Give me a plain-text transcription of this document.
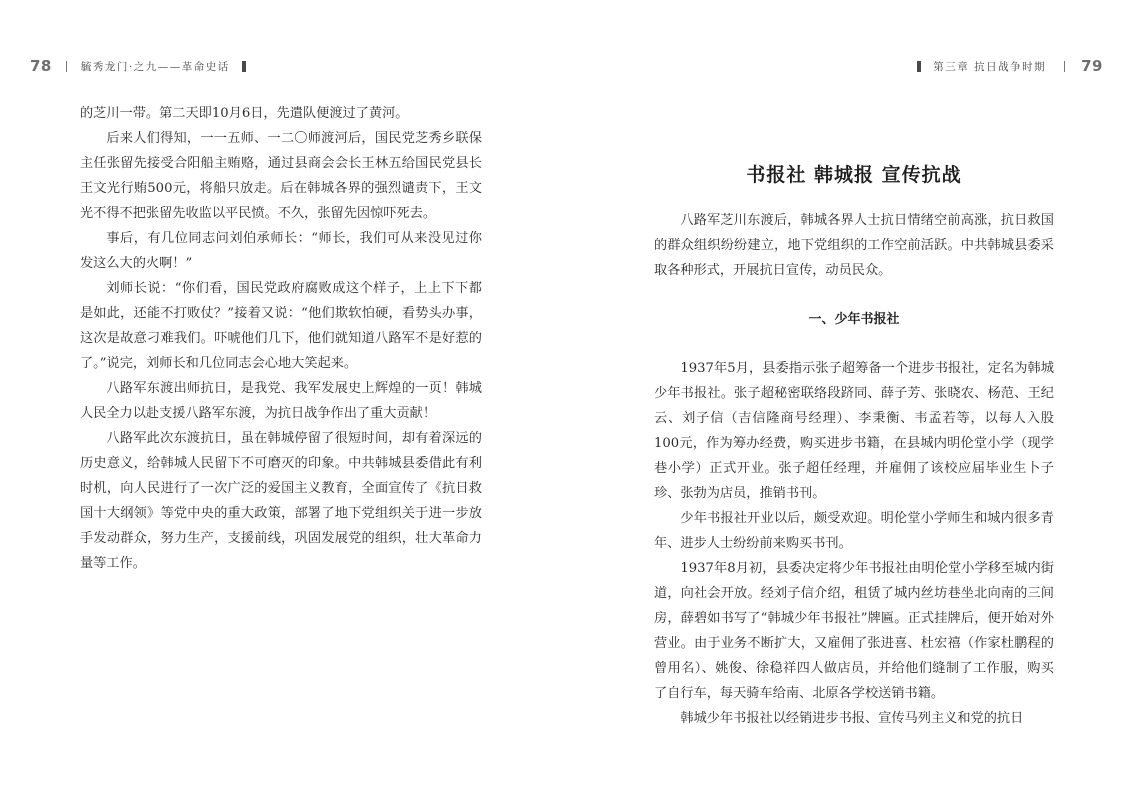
78	毓秀龙门·之九——革命史话

的芝川一带。第二天即10月6日，先遣队便渡过了黄河。

后来人们得知，一一五师、一二〇师渡河后，国民党芝秀乡联保主任张留先接受合阳船主贿赂，通过县商会会长王林五给国民党县长王文光行贿500元，将船只放走。后在韩城各界的强烈谴责下，王文光不得不把张留先收监以平民愤。不久，张留先因惊吓死去。

事后，有几位同志问刘伯承师长：“师长，我们可从来没见过你发这么大的火啊！”

刘师长说：“你们看，国民党政府腐败成这个样子，上上下下都是如此，还能不打败仗？”接着又说：“他们欺软怕硬，看势头办事，这次是故意刁难我们。吓唬他们几下，他们就知道八路军不是好惹的了。”说完，刘师长和几位同志会心地大笑起来。

八路军东渡出师抗日，是我党、我军发展史上辉煌的一页！韩城人民全力以赴支援八路军东渡，为抗日战争作出了重大贡献！

八路军此次东渡抗日，虽在韩城停留了很短时间，却有着深远的历史意义，给韩城人民留下不可磨灭的印象。中共韩城县委借此有利时机，向人民进行了一次广泛的爱国主义教育，全面宣传了《抗日救国十大纲领》等党中央的重大政策，部署了地下党组织关于进一步放手发动群众，努力生产，支援前线，巩固发展党的组织，壮大革命力量等工作。

第三章 抗日战争时期 79
书报社 韩城报 宣传抗战

八路军芝川东渡后，韩城各界人士抗日情绪空前高涨，抗日救国的群众组织纷纷建立，地下党组织的工作空前活跃。中共韩城县委采取各种形式，开展抗日宣传，动员民众。

一、少年书报社

1937年5月，县委指示张子超筹备一个进步书报社，定名为韩城少年书报社。张子超秘密联络段跻同、薛子芳、张晓农、杨范、王纪云、刘子信（吉信隆商号经理）、李秉衡、韦孟若等，以每人入股100元，作为筹办经费，购买进步书籍，在县城内明伦堂小学（现学巷小学）正式开业。张子超任经理，并雇佣了该校应届毕业生卜子珍、张勃为店员，推销书刊。

少年书报社开业以后，颇受欢迎。明伦堂小学师生和城内很多青年、进步人士纷纷前来购买书刊。

1937年8月初，县委决定将少年书报社由明伦堂小学移至城内街道，向社会开放。经刘子信介绍，租赁了城内丝坊巷坐北向南的三间房，薛碧如书写了“韩城少年书报社”牌匾。正式挂牌后，便开始对外营业。由于业务不断扩大，又雇佣了张进喜、杜宏禧（作家杜鹏程的曾用名）、姚俊、徐稳祥四人做店员，并给他们缝制了工作服，购买了自行车，每天骑车给南、北原各学校送销书籍。

韩城少年书报社以经销进步书报、宣传马列主义和党的抗日
